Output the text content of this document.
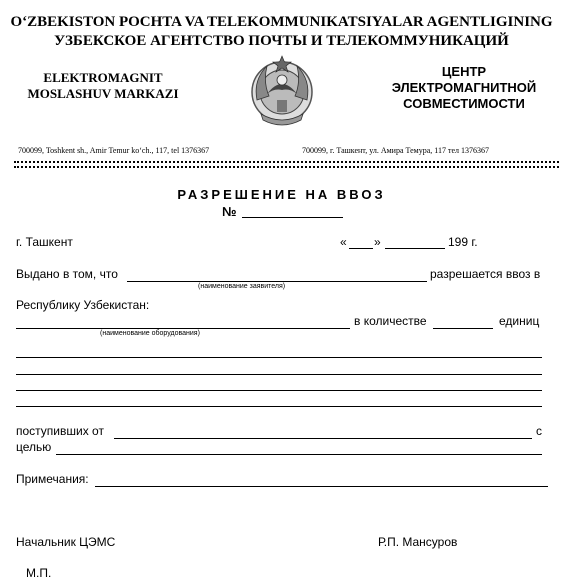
O‘ZBEKISTON POCHTA VA TELEKOMMUNIKATSIYALAR AGENTLIGINING
УЗБЕКСКОЕ АГЕНТСТВО ПОЧТЫ И ТЕЛЕКОММУНИКАЦИЙ
ELEKTROMAGNIT
MOSLASHUV MARKAZI
ЦЕНТР
ЭЛЕКТРОМАГНИТНОЙ
СОВМЕСТИМОСТИ
700099, Toshkent sh., Amir Temur ko‘ch., 117, tel 1376367	700099, г. Ташкент, ул. Амира Темура, 117 тел 1376367
РАЗРЕШЕНИЕ НА ВВОЗ
№
г. Ташкент	« »	199 г.
Выдано в том, что
(наименование заявителя)
разрешается ввоз в
Республику Узбекистан:
(наименование оборудования)
в количестве	единиц
поступивших от	с
целью
Примечания:
Начальник ЦЭМС	Р.П. Мансуров
М.П.
